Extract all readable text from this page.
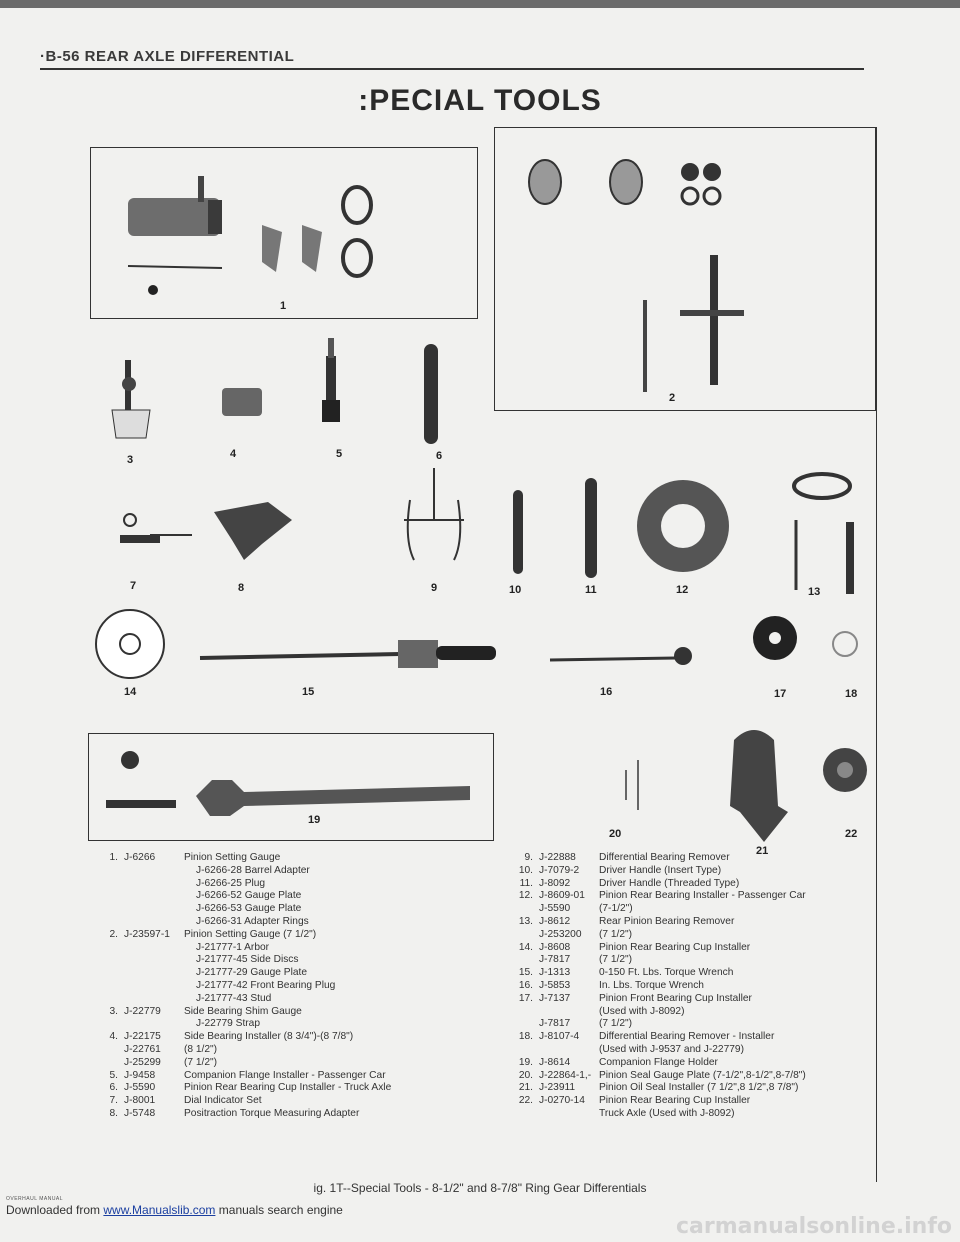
·B-56 REAR AXLE DIFFERENTIAL
:PECIAL TOOLS
1
2
3	4	5	6
7	8	9	10	11	12	13
14	15	16	17	18
19
20
21
22
1. J-6266	Pinion Setting Gauge
J-6266-28 Barrel Adapter
J-6266-25 Plug
J-6266-52 Gauge Plate
J-6266-53 Gauge Plate
J-6266-31 Adapter Rings
2. J-23597-1	Pinion Setting Gauge (7 1/2")
J-21777-1 Arbor
J-21777-45 Side Discs
J-21777-29 Gauge Plate
J-21777-42 Front Bearing Plug
J-21777-43 Stud
3. J-22779	Side Bearing Shim Gauge
J-22779 Strap
4. J-22175	Side Bearing Installer (8 3/4")-(8 7/8")
J-22761	(8 1/2")
J-25299	(7 1/2")
5. J-9458	Companion Flange Installer - Passenger Car
6. J-5590	Pinion Rear Bearing Cup Installer - Truck Axle
7. J-8001	Dial Indicator Set
8. J-5748	Positraction Torque Measuring Adapter
9. J-22888	Differential Bearing Remover
10. J-7079-2	Driver Handle (Insert Type)
11. J-8092	Driver Handle (Threaded Type)
12. J-8609-01	Pinion Rear Bearing Installer - Passenger Car
J-5590	(7-1/2")
13. J-8612	Rear Pinion Bearing Remover
J-253200	(7 1/2")
14. J-8608	Pinion Rear Bearing Cup Installer
J-7817	(7 1/2")
15. J-1313	0-150 Ft. Lbs. Torque Wrench
16. J-5853	In. Lbs. Torque Wrench
17. J-7137	Pinion Front Bearing Cup Installer
(Used with J-8092)
J-7817	(7 1/2")
18. J-8107-4	Differential Bearing Remover - Installer
(Used with J-9537 and J-22779)
19. J-8614	Companion Flange Holder
20. J-22864-1,- Pinion Seal Gauge Plate (7-1/2",8-1/2",8-7/8")
21. J-23911	Pinion Oil Seal Installer (7 1/2",8 1/2",8 7/8")
22. J-0270-14	Pinion Rear Bearing Cup Installer
Truck Axle (Used with J-8092)
ig. 1T--Special Tools - 8-1/2" and 8-7/8" Ring Gear Differentials
OVERHAUL MANUAL
Downloaded from www.Manualslib.com manuals search engine
carmanualsonline.info
